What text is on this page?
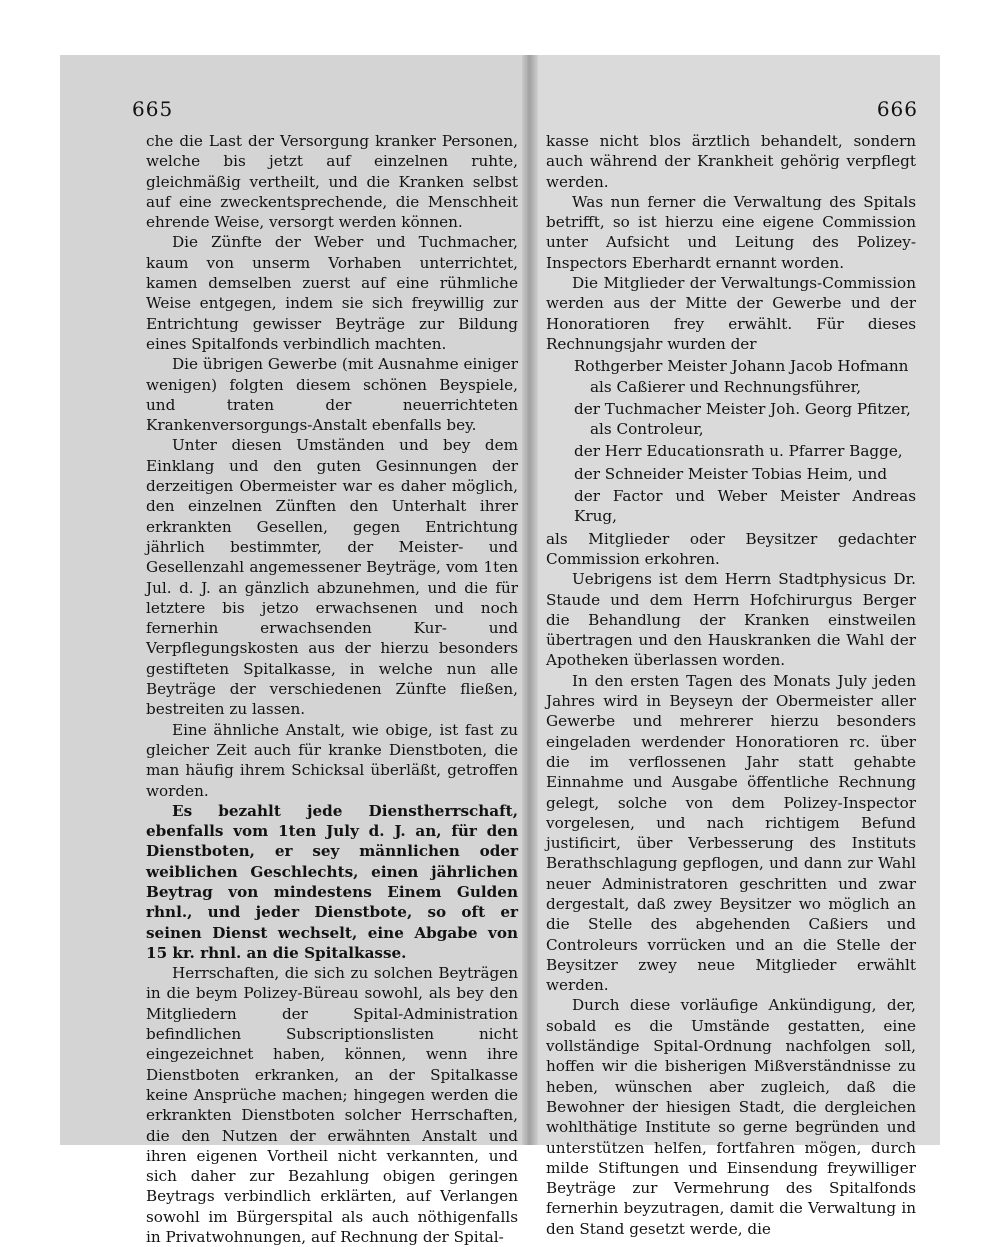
665

che die Last der Versorgung kranker Personen, welche bis jetzt auf einzelnen ruhte, gleichmäßig vertheilt, und die Kranken selbst auf eine zweckentsprechende, die Menschheit ehrende Weise, versorgt werden können.

Die Zünfte der Weber und Tuchmacher, kaum von unserm Vorhaben unterrichtet, kamen demselben zuerst auf eine rühmliche Weise entgegen, indem sie sich freywillig zur Entrichtung gewisser Beyträge zur Bildung eines Spitalfonds verbindlich machten.

Die übrigen Gewerbe (mit Ausnahme einiger wenigen) folgten diesem schönen Beyspiele, und traten der neuerrichteten Krankenversorgungs-Anstalt ebenfalls bey.

Unter diesen Umständen und bey dem Einklang und den guten Gesinnungen der derzeitigen Obermeister war es daher möglich, den einzelnen Zünften den Unterhalt ihrer erkrankten Gesellen, gegen Entrichtung jährlich bestimmter, der Meister- und Gesellenzahl angemessener Beyträge, vom 1ten Jul. d. J. an gänzlich abzunehmen, und die für letztere bis jetzo erwachsenen und noch fernerhin erwachsenden Kur- und Verpflegungskosten aus der hierzu besonders gestifteten Spitalkasse, in welche nun alle Beyträge der verschiedenen Zünfte fließen, bestreiten zu lassen.

Eine ähnliche Anstalt, wie obige, ist fast zu gleicher Zeit auch für kranke Dienstboten, die man häufig ihrem Schicksal überläßt, getroffen worden.

Es bezahlt jede Dienstherrschaft, ebenfalls vom 1ten July d. J. an, für den Dienstboten, er sey männlichen oder weiblichen Geschlechts, einen jährlichen Beytrag von mindestens Einem Gulden rhnl., und jeder Dienstbote, so oft er seinen Dienst wechselt, eine Abgabe von 15 kr. rhnl. an die Spitalkasse.

Herrschaften, die sich zu solchen Beyträgen in die beym Polizey-Büreau sowohl, als bey den Mitgliedern der Spital-Administration befindlichen Subscriptionslisten nicht eingezeichnet haben, können, wenn ihre Dienstboten erkranken, an der Spitalkasse keine Ansprüche machen; hingegen werden die erkrankten Dienstboten solcher Herrschaften, die den Nutzen der erwähnten Anstalt und ihren eigenen Vortheil nicht verkannten, und sich daher zur Bezahlung obigen geringen Beytrags verbindlich erklärten, auf Verlangen sowohl im Bürgerspital als auch nöthigenfalls in Privatwohnungen, auf Rechnung der Spital-

666

kasse nicht blos ärztlich behandelt, sondern auch während der Krankheit gehörig verpflegt werden.

Was nun ferner die Verwaltung des Spitals betrifft, so ist hierzu eine eigene Commission unter Aufsicht und Leitung des Polizey-Inspectors Eberhardt ernannt worden.

Die Mitglieder der Verwaltungs-Commission werden aus der Mitte der Gewerbe und der Honoratioren frey erwählt. Für dieses Rechnungsjahr wurden der

Rothgerber Meister Johann Jacob Hofmann
als Caßierer und Rechnungsführer,

der Tuchmacher Meister Joh. Georg Pfitzer,
als Controleur,

der Herr Educationsrath u. Pfarrer Bagge,

der Schneider Meister Tobias Heim, und

der Factor und Weber Meister Andreas Krug,

als Mitglieder oder Beysitzer gedachter Commission erkohren.

Uebrigens ist dem Herrn Stadtphysicus Dr. Staude und dem Herrn Hofchirurgus Berger die Behandlung der Kranken einstweilen übertragen und den Hauskranken die Wahl der Apotheken überlassen worden.

In den ersten Tagen des Monats July jeden Jahres wird in Beyseyn der Obermeister aller Gewerbe und mehrerer hierzu besonders eingeladen werdender Honoratioren rc. über die im verflossenen Jahr statt gehabte Einnahme und Ausgabe öffentliche Rechnung gelegt, solche von dem Polizey-Inspector vorgelesen, und nach richtigem Befund justificirt, über Verbesserung des Instituts Berathschlagung gepflogen, und dann zur Wahl neuer Administratoren geschritten und zwar dergestalt, daß zwey Beysitzer wo möglich an die Stelle des abgehenden Caßiers und Controleurs vorrücken und an die Stelle der Beysitzer zwey neue Mitglieder erwählt werden.

Durch diese vorläufige Ankündigung, der, sobald es die Umstände gestatten, eine vollständige Spital-Ordnung nachfolgen soll, hoffen wir die bisherigen Mißverständnisse zu heben, wünschen aber zugleich, daß die Bewohner der hiesigen Stadt, die dergleichen wohlthätige Institute so gerne begründen und unterstützen helfen, fortfahren mögen, durch milde Stiftungen und Einsendung freywilliger Beyträge zur Vermehrung des Spitalfonds fernerhin beyzutragen, damit die Verwaltung in den Stand gesetzt werde, die
